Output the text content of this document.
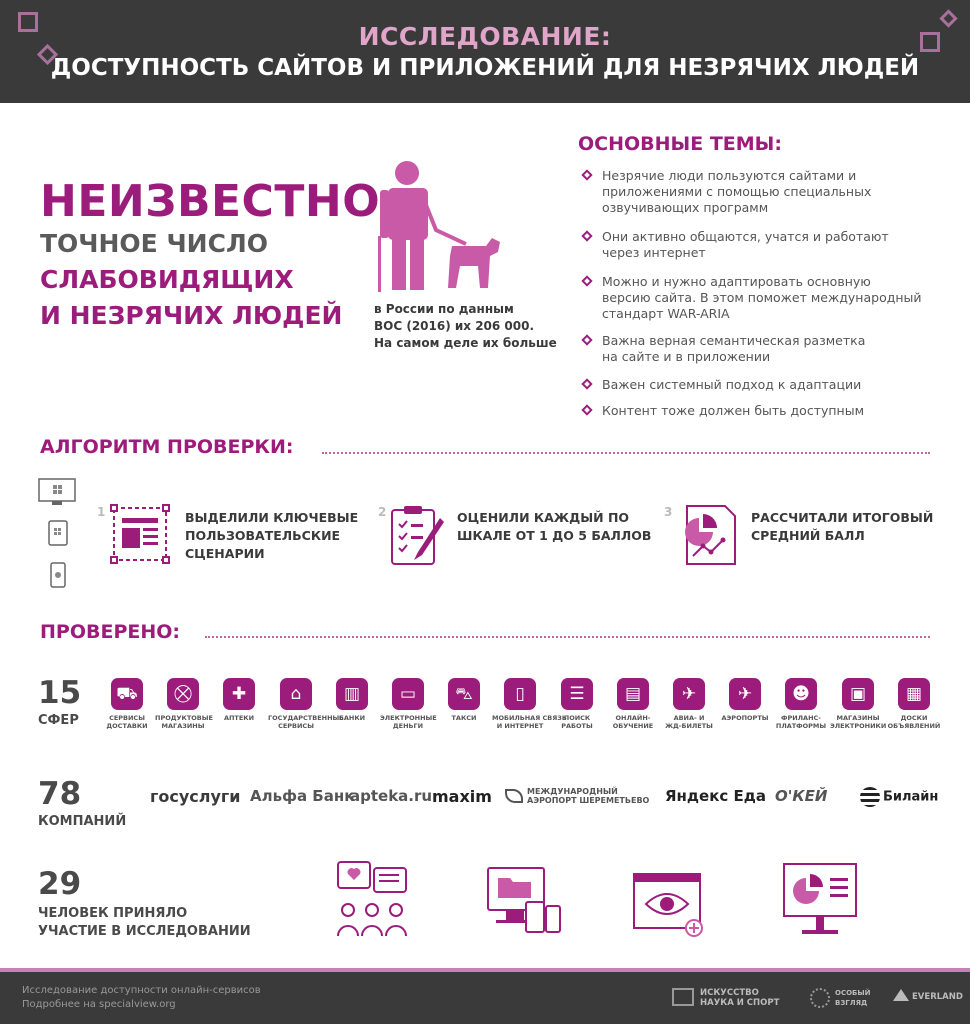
ИССЛЕДОВАНИЕ:
ДОСТУПНОСТЬ САЙТОВ И ПРИЛОЖЕНИЙ ДЛЯ НЕЗРЯЧИХ ЛЮДЕЙ
НЕИЗВЕСТНО
ТОЧНОЕ ЧИСЛО
СЛАБОВИДЯЩИХ
И НЕЗРЯЧИХ ЛЮДЕЙ	в России по данным
ВОС (2016) их 206 000.
На самом деле их больше
ОСНОВНЫЕ ТЕМЫ:
Незрячие люди пользуются сайтами и
приложениями с помощью специальных
озвучивающих программ
Они активно общаются, учатся и работают
через интернет
Можно и нужно адаптировать основную
версию сайта. В этом поможет международный
стандарт WAR-ARIA
Важна верная семантическая разметка
на сайте и в приложении
Важен системный подход к адаптации
Контент тоже должен быть доступным
АЛГОРИТМ ПРОВЕРКИ:
1	ВЫДЕЛИЛИ КЛЮЧЕВЫЕ
ПОЛЬЗОВАТЕЛЬСКИЕ
СЦЕНАРИИ
2	ОЦЕНИЛИ КАЖДЫЙ ПО
ШКАЛЕ ОТ 1 ДО 5 БАЛЛОВ
3	РАССЧИТАЛИ ИТОГОВЫЙ
СРЕДНИЙ БАЛЛ
ПРОВЕРЕНО:
15
СФЕР
⛟
СЕРВИСЫ
ДОСТАВКИ
⛒
ПРОДУКТОВЫЕ
МАГАЗИНЫ
✚
АПТЕКИ
⌂
ГОСУДАРСТВЕННЫЕ
СЕРВИСЫ
▥
БАНКИ
▭
ЭЛЕКТРОННЫЕ
ДЕНЬГИ
⛍
ТАКСИ
▯
МОБИЛЬНАЯ СВЯЗЬ
И ИНТЕРНЕТ
☰
ПОИСК
РАБОТЫ
▤
ОНЛАЙН-
ОБУЧЕНИЕ
✈
АВИА- И
ЖД-БИЛЕТЫ
✈
АЭРОПОРТЫ
☻
ФРИЛАНС-
ПЛАТФОРМЫ
▣
МАГАЗИНЫ
ЭЛЕКТРОНИКИ
▦
ДОСКИ
ОБЪЯВЛЕНИЙ
78
КОМПАНИЙ
госуслуги Альфа Банк
apteka.ru maxim	МЕЖДУНАРОДНЫЙ АЭРОПОРТ ШЕРЕМЕТЬЕВО	Яндекс Еда О'КЕЙ	Билайн
29
ЧЕЛОВЕК ПРИНЯЛО
УЧАСТИЕ В ИССЛЕДОВАНИИ
Исследование доступности онлайн-сервисов
Подробнее на specialview.org
ИСКУССТВО
НАУКА И СПОРТ
ОСОБЫЙ
ВЗГЛЯД
EVERLAND
